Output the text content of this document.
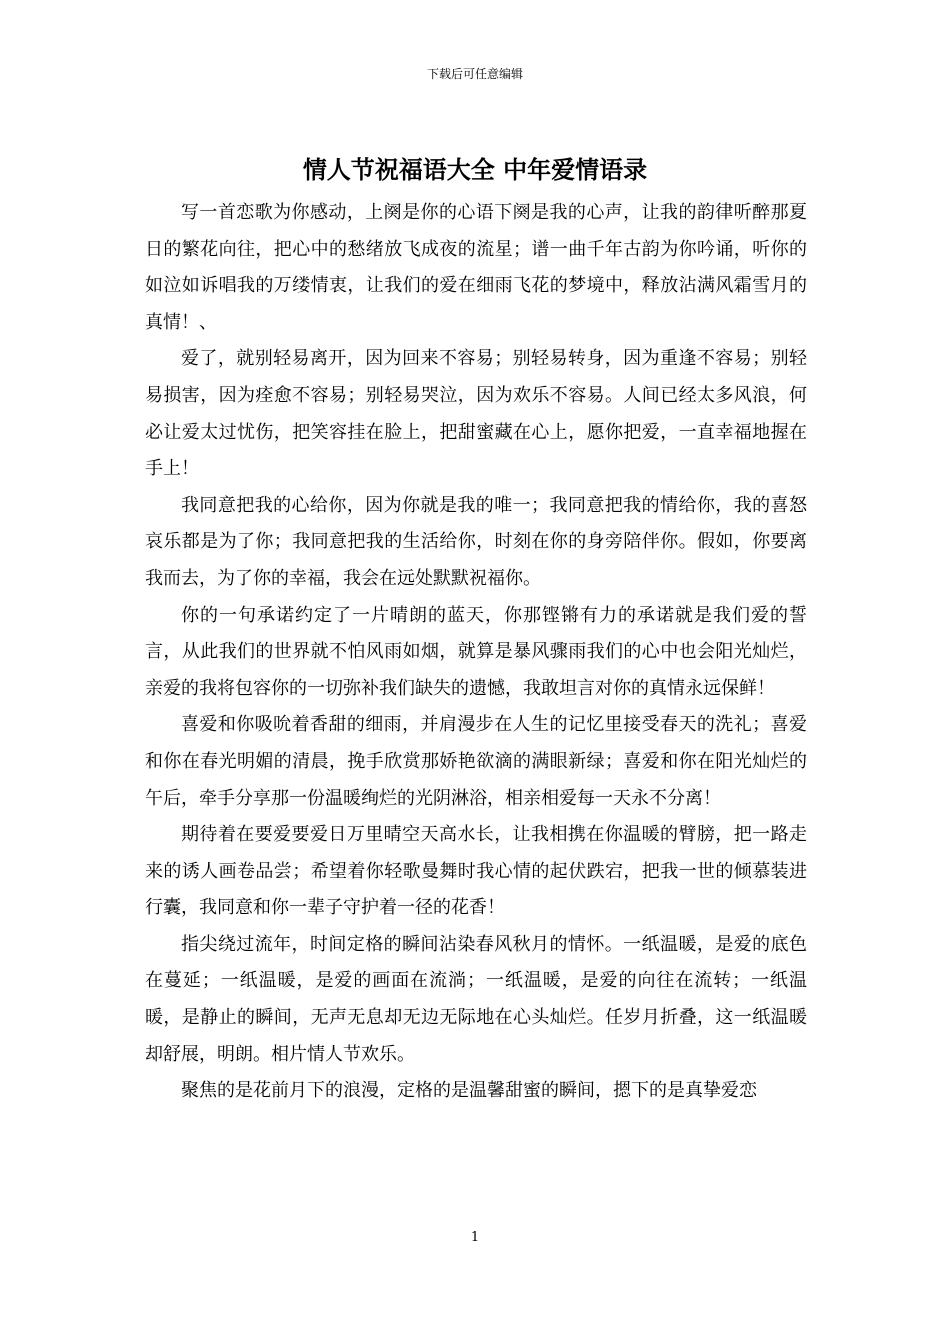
下载后可任意编辑
情人节祝福语大全 中年爱情语录

写一首恋歌为你感动，上阕是你的心语下阕是我的心声，让我的韵律听醉那夏日的繁花向往，把心中的愁绪放飞成夜的流星；谱一曲千年古韵为你吟诵，听你的如泣如诉唱我的万缕情衷，让我们的爱在细雨飞花的梦境中，释放沾满风霜雪月的真情！、

爱了，就别轻易离开，因为回来不容易；别轻易转身，因为重逢不容易；别轻易损害，因为痊愈不容易；别轻易哭泣，因为欢乐不容易。人间已经太多风浪，何必让爱太过忧伤，把笑容挂在脸上，把甜蜜藏在心上，愿你把爱，一直幸福地握在手上！

我同意把我的心给你，因为你就是我的唯一；我同意把我的情给你，我的喜怒哀乐都是为了你；我同意把我的生活给你，时刻在你的身旁陪伴你。假如，你要离我而去，为了你的幸福，我会在远处默默祝福你。

你的一句承诺约定了一片晴朗的蓝天，你那铿锵有力的承诺就是我们爱的誓言，从此我们的世界就不怕风雨如烟，就算是暴风骤雨我们的心中也会阳光灿烂，亲爱的我将包容你的一切弥补我们缺失的遗憾，我敢坦言对你的真情永远保鲜！

喜爱和你吸吮着香甜的细雨，并肩漫步在人生的记忆里接受春天的洗礼；喜爱和你在春光明媚的清晨，挽手欣赏那娇艳欲滴的满眼新绿；喜爱和你在阳光灿烂的午后，牵手分享那一份温暖绚烂的光阴淋浴，相亲相爱每一天永不分离！

期待着在要爱要爱日万里晴空天高水长，让我相携在你温暖的臂膀，把一路走来的诱人画卷品尝；希望着你轻歌曼舞时我心情的起伏跌宕，把我一世的倾慕装进行囊，我同意和你一辈子守护着一径的花香！

指尖绕过流年，时间定格的瞬间沾染春风秋月的情怀。一纸温暖，是爱的底色在蔓延；一纸温暖，是爱的画面在流淌；一纸温暖，是爱的向往在流转；一纸温暖，是静止的瞬间，无声无息却无边无际地在心头灿烂。任岁月折叠，这一纸温暖却舒展，明朗。相片情人节欢乐。

聚焦的是花前月下的浪漫，定格的是温馨甜蜜的瞬间，摁下的是真挚爱恋

1
